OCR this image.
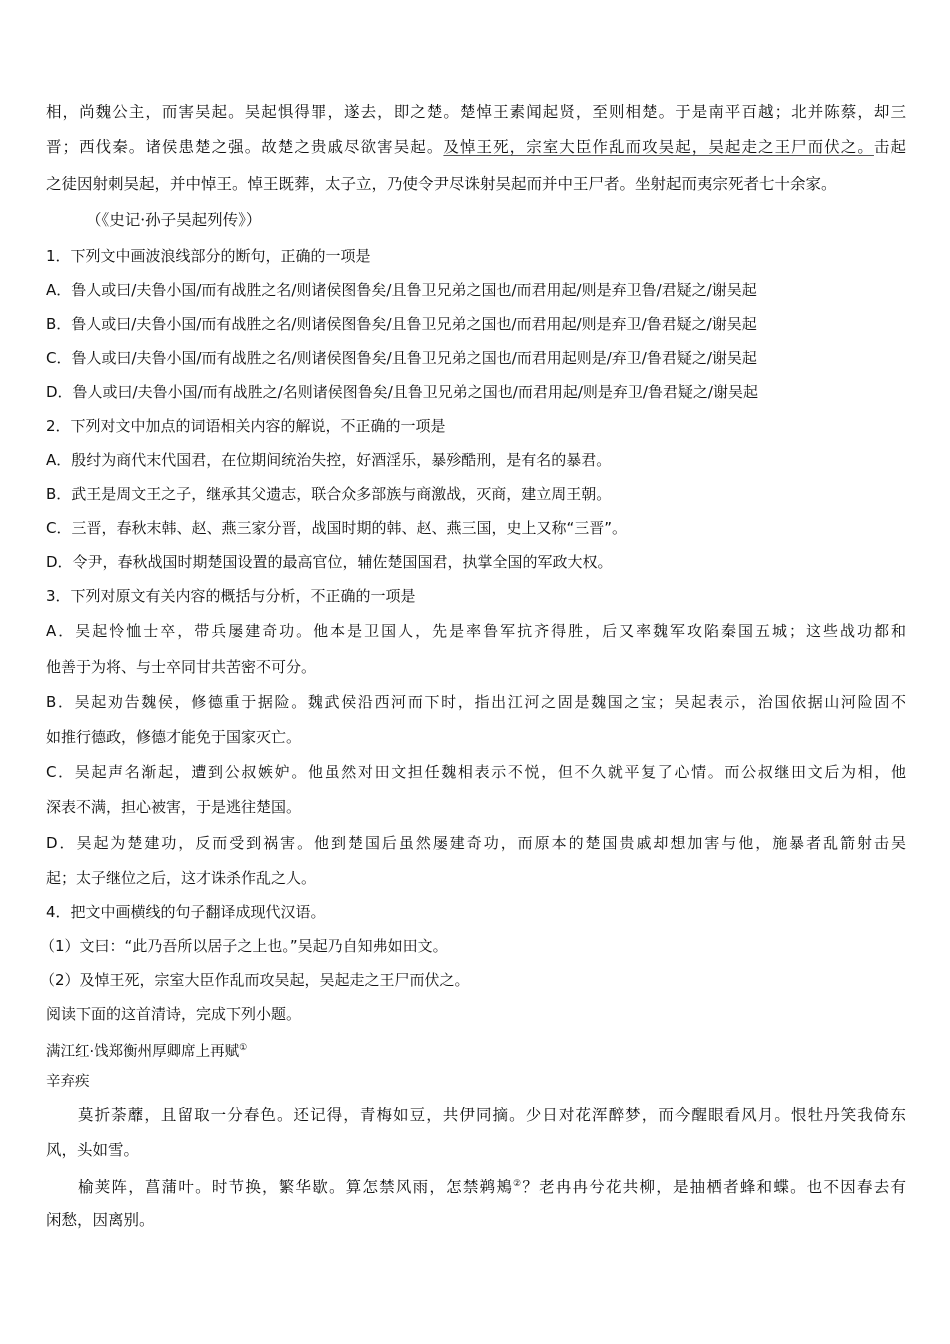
相，尚魏公主，而害吴起。吴起惧得罪，遂去，即之楚。楚悼王素闻起贤，至则相楚。于是南平百越；北并陈蔡，却三
晋；西伐秦。诸侯患楚之强。故楚之贵戚尽欲害吴起。及悼王死，宗室大臣作乱而攻吴起，吴起走之王尸而伏之。击起
之徒因射刺吴起，并中悼王。悼王既葬，太子立，乃使令尹尽诛射吴起而并中王尸者。坐射起而夷宗死者七十余家。
（《史记·孙子吴起列传》）
1．下列文中画波浪线部分的断句，正确的一项是
A．鲁人或曰/夫鲁小国/而有战胜之名/则诸侯图鲁矣/且鲁卫兄弟之国也/而君用起/则是弃卫鲁/君疑之/谢吴起
B．鲁人或曰/夫鲁小国/而有战胜之名/则诸侯图鲁矣/且鲁卫兄弟之国也/而君用起/则是弃卫/鲁君疑之/谢吴起
C．鲁人或曰/夫鲁小国/而有战胜之名/则诸侯图鲁矣/且鲁卫兄弟之国也/而君用起则是/弃卫/鲁君疑之/谢吴起
D．鲁人或曰/夫鲁小国/而有战胜之/名则诸侯图鲁矣/且鲁卫兄弟之国也/而君用起/则是弃卫/鲁君疑之/谢吴起
2．下列对文中加点的词语相关内容的解说，不正确的一项是
A．殷纣为商代末代国君，在位期间统治失控，好酒淫乐，暴殄酷刑，是有名的暴君。
B．武王是周文王之子，继承其父遗志，联合众多部族与商激战，灭商，建立周王朝。
C．三晋，春秋末韩、赵、燕三家分晋，战国时期的韩、赵、燕三国，史上又称“三晋”。
D．令尹，春秋战国时期楚国设置的最高官位，辅佐楚国国君，执掌全国的军政大权。
3．下列对原文有关内容的概括与分析，不正确的一项是
A．吴起怜恤士卒，带兵屡建奇功。他本是卫国人，先是率鲁军抗齐得胜，后又率魏军攻陷秦国五城；这些战功都和
他善于为将、与士卒同甘共苦密不可分。
B．吴起劝告魏侯，修德重于据险。魏武侯沿西河而下时，指出江河之固是魏国之宝；吴起表示，治国依据山河险固不
如推行德政，修德才能免于国家灭亡。
C．吴起声名渐起，遭到公叔嫉妒。他虽然对田文担任魏相表示不悦，但不久就平复了心情。而公叔继田文后为相，他
深表不满，担心被害，于是逃往楚国。
D．吴起为楚建功，反而受到祸害。他到楚国后虽然屡建奇功，而原本的楚国贵戚却想加害与他，施暴者乱箭射击吴
起；太子继位之后，这才诛杀作乱之人。
4．把文中画横线的句子翻译成现代汉语。
（1）文曰：“此乃吾所以居子之上也。”吴起乃自知弗如田文。
（2）及悼王死，宗室大臣作乱而攻吴起，吴起走之王尸而伏之。
阅读下面的这首清诗，完成下列小题。
满江红·饯郑衡州厚卿席上再赋①
辛弃疾
莫折荼蘼，且留取一分春色。还记得，青梅如豆，共伊同摘。少日对花浑醉梦，而今醒眼看风月。恨牡丹笑我倚东
风，头如雪。
榆荚阵，菖蒲叶。时节换，繁华歇。算怎禁风雨，怎禁鹈鴂②？老冉冉兮花共柳，是抽栖者蜂和蝶。也不因春去有
闲愁，因离别。
